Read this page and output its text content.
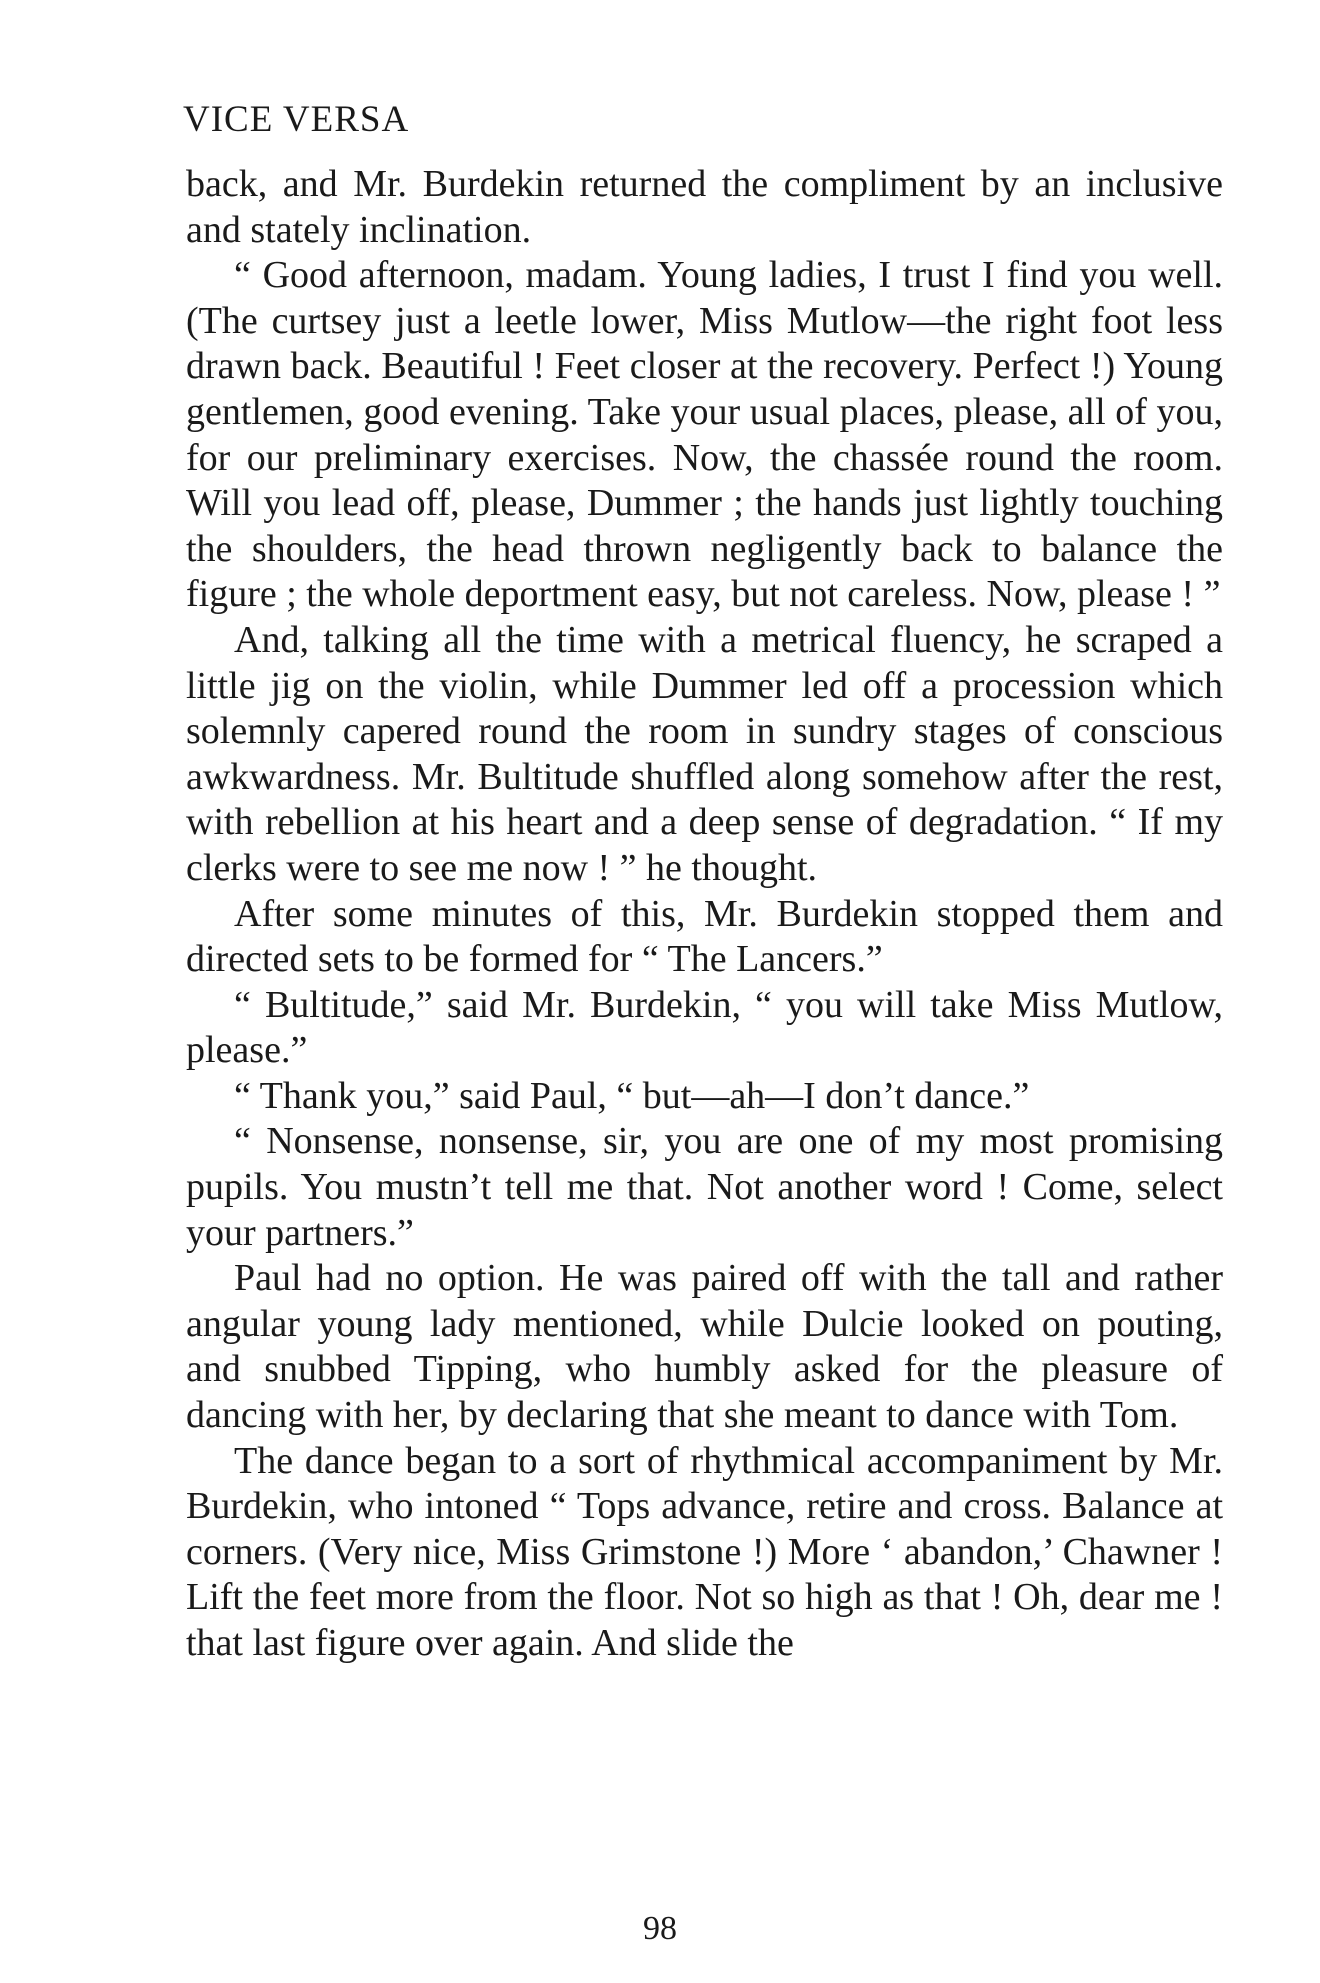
VICE VERSA

back, and Mr. Burdekin returned the compliment by an inclusive and stately inclination.

“ Good afternoon, madam. Young ladies, I trust I find you well. (The curtsey just a leetle lower, Miss Mutlow—the right foot less drawn back. Beautiful ! Feet closer at the recovery. Perfect !) Young gentlemen, good evening. Take your usual places, please, all of you, for our preliminary exercises. Now, the chassée round the room. Will you lead off, please, Dummer ; the hands just lightly touching the shoulders, the head thrown negligently back to balance the figure ; the whole deportment easy, but not careless. Now, please ! ”

And, talking all the time with a metrical fluency, he scraped a little jig on the violin, while Dummer led off a procession which solemnly capered round the room in sundry stages of conscious awkwardness. Mr. Bultitude shuffled along somehow after the rest, with rebellion at his heart and a deep sense of degradation. “ If my clerks were to see me now ! ” he thought.

After some minutes of this, Mr. Burdekin stopped them and directed sets to be formed for “ The Lancers.”

“ Bultitude,” said Mr. Burdekin, “ you will take Miss Mutlow, please.”

“ Thank you,” said Paul, “ but—ah—I don’t dance.”

“ Nonsense, nonsense, sir, you are one of my most promising pupils. You mustn’t tell me that. Not another word ! Come, select your partners.”

Paul had no option. He was paired off with the tall and rather angular young lady mentioned, while Dulcie looked on pouting, and snubbed Tipping, who humbly asked for the pleasure of dancing with her, by declaring that she meant to dance with Tom.

The dance began to a sort of rhythmical accompaniment by Mr. Burdekin, who intoned “ Tops advance, retire and cross. Balance at corners. (Very nice, Miss Grimstone !) More ‘ abandon,’ Chawner ! Lift the feet more from the floor. Not so high as that ! Oh, dear me ! that last figure over again. And slide the

98
